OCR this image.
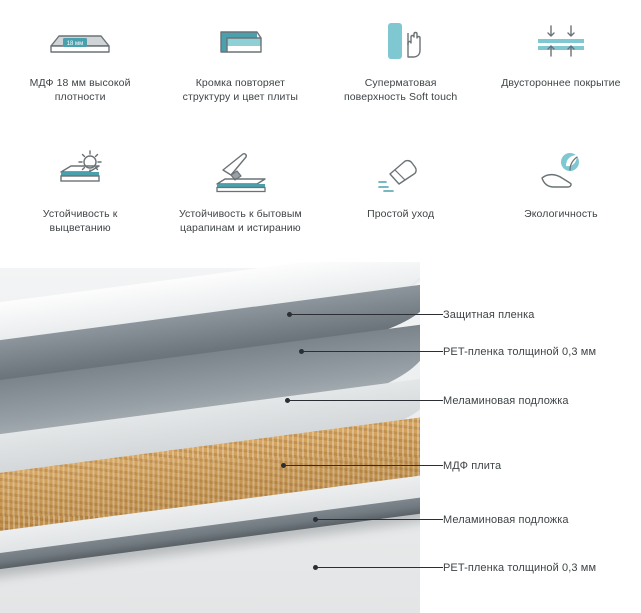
18 мм
МДФ 18 мм высокой плотности
Кромка повторяет структуру и цвет плиты
Суперматовая поверхность Soft touch
Двустороннее покрытие
Устойчивость к выцветанию
Устойчивость к бытовым царапинам и истиранию
Простой уход	Экологичность
Защитная пленка
PET-пленка толщиной 0,3 мм
Меламиновая подложка
МДФ плита
Меламиновая подложка
PET-пленка толщиной 0,3 мм
